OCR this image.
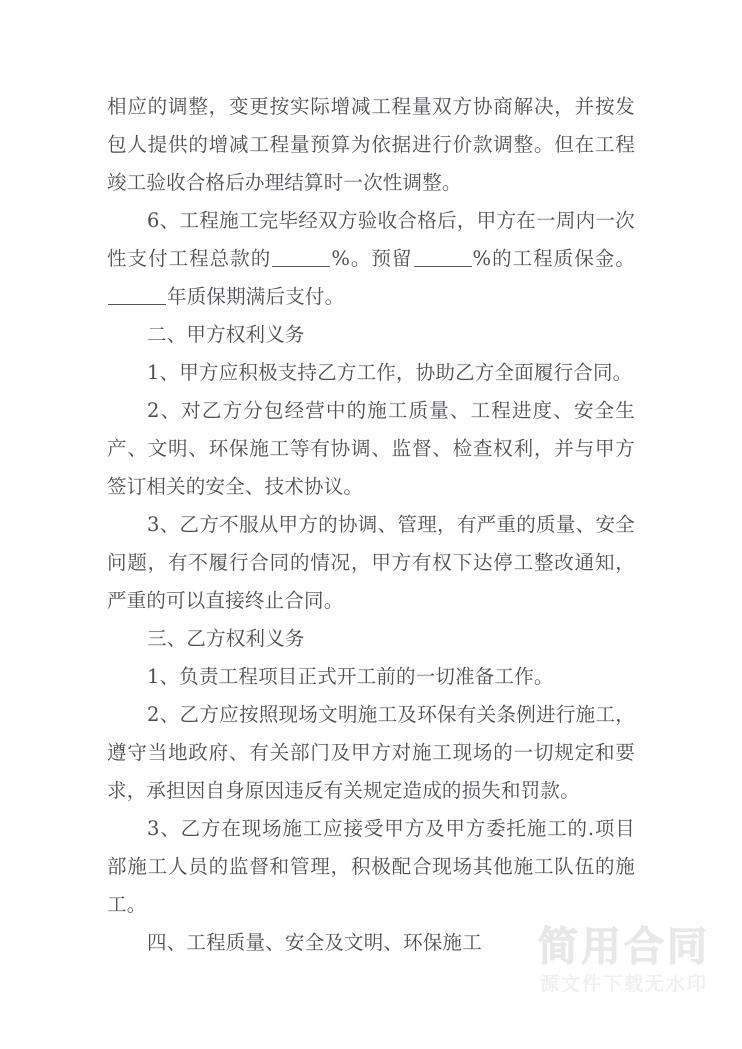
相应的调整，变更按实际增减工程量双方协商解决，并按发包人提供的增减工程量预算为依据进行价款调整。但在工程竣工验收合格后办理结算时一次性调整。

6、工程施工完毕经双方验收合格后，甲方在一周内一次性支付工程总款的	%。预留	%的工程质保金。年质保期满后支付。

二、甲方权利义务

1、甲方应积极支持乙方工作，协助乙方全面履行合同。

2、对乙方分包经营中的施工质量、工程进度、安全生产、文明、环保施工等有协调、监督、检查权利，并与甲方签订相关的安全、技术协议。

3、乙方不服从甲方的协调、管理，有严重的质量、安全问题，有不履行合同的情况，甲方有权下达停工整改通知，严重的可以直接终止合同。

三、乙方权利义务

1、负责工程项目正式开工前的一切准备工作。

2、乙方应按照现场文明施工及环保有关条例进行施工，遵守当地政府、有关部门及甲方对施工现场的一切规定和要求，承担因自身原因违反有关规定造成的损失和罚款。

3、乙方在现场施工应接受甲方及甲方委托施工的.项目部施工人员的监督和管理，积极配合现场其他施工队伍的施工。

四、工程质量、安全及文明、环保施工	简用合同
源文件下载无水印
